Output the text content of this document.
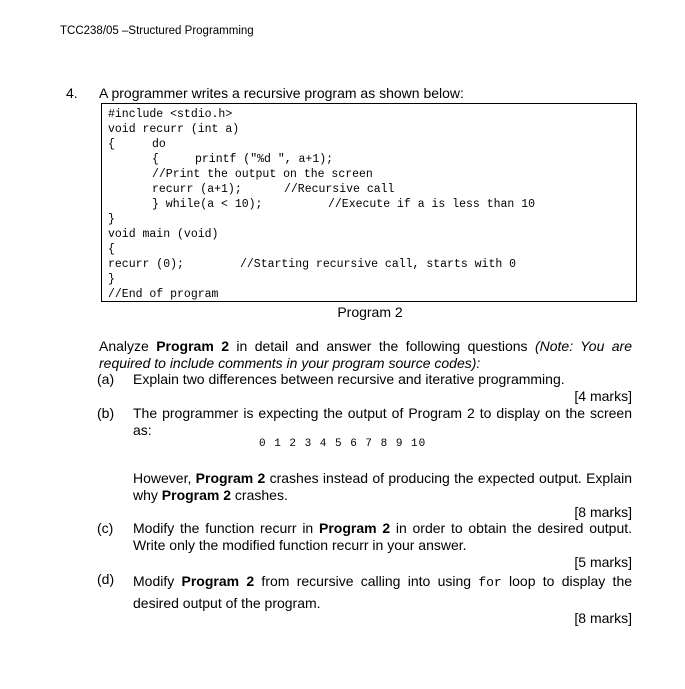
TCC238/05 –Structured Programming
4. A programmer writes a recursive program as shown below:
#include <stdio.h>
void recurr (int a)
{	do
{	printf ("%d ", a+1);
//Print the output on the screen
recurr (a+1);	//Recursive call
} while(a < 10);	//Execute if a is less than 10
}
void main (void)
{
recurr (0);	//Starting recursive call, starts with 0
}
//End of program
Program 2
Analyze Program 2 in detail and answer the following questions (Note: You are required to include comments in your program source codes):
(a) Explain two differences between recursive and iterative programming.
[4 marks]
(b) The programmer is expecting the output of Program 2 to display on the screen as:
0 1 2 3 4 5 6 7 8 9 10
However, Program 2 crashes instead of producing the expected output. Explain why Program 2 crashes.
[8 marks]
(c) Modify the function recurr in Program 2 in order to obtain the desired output. Write only the modified function recurr in your answer.
[5 marks]
(d) Modify Program 2 from recursive calling into using for loop to display the desired output of the program.
[8 marks]
